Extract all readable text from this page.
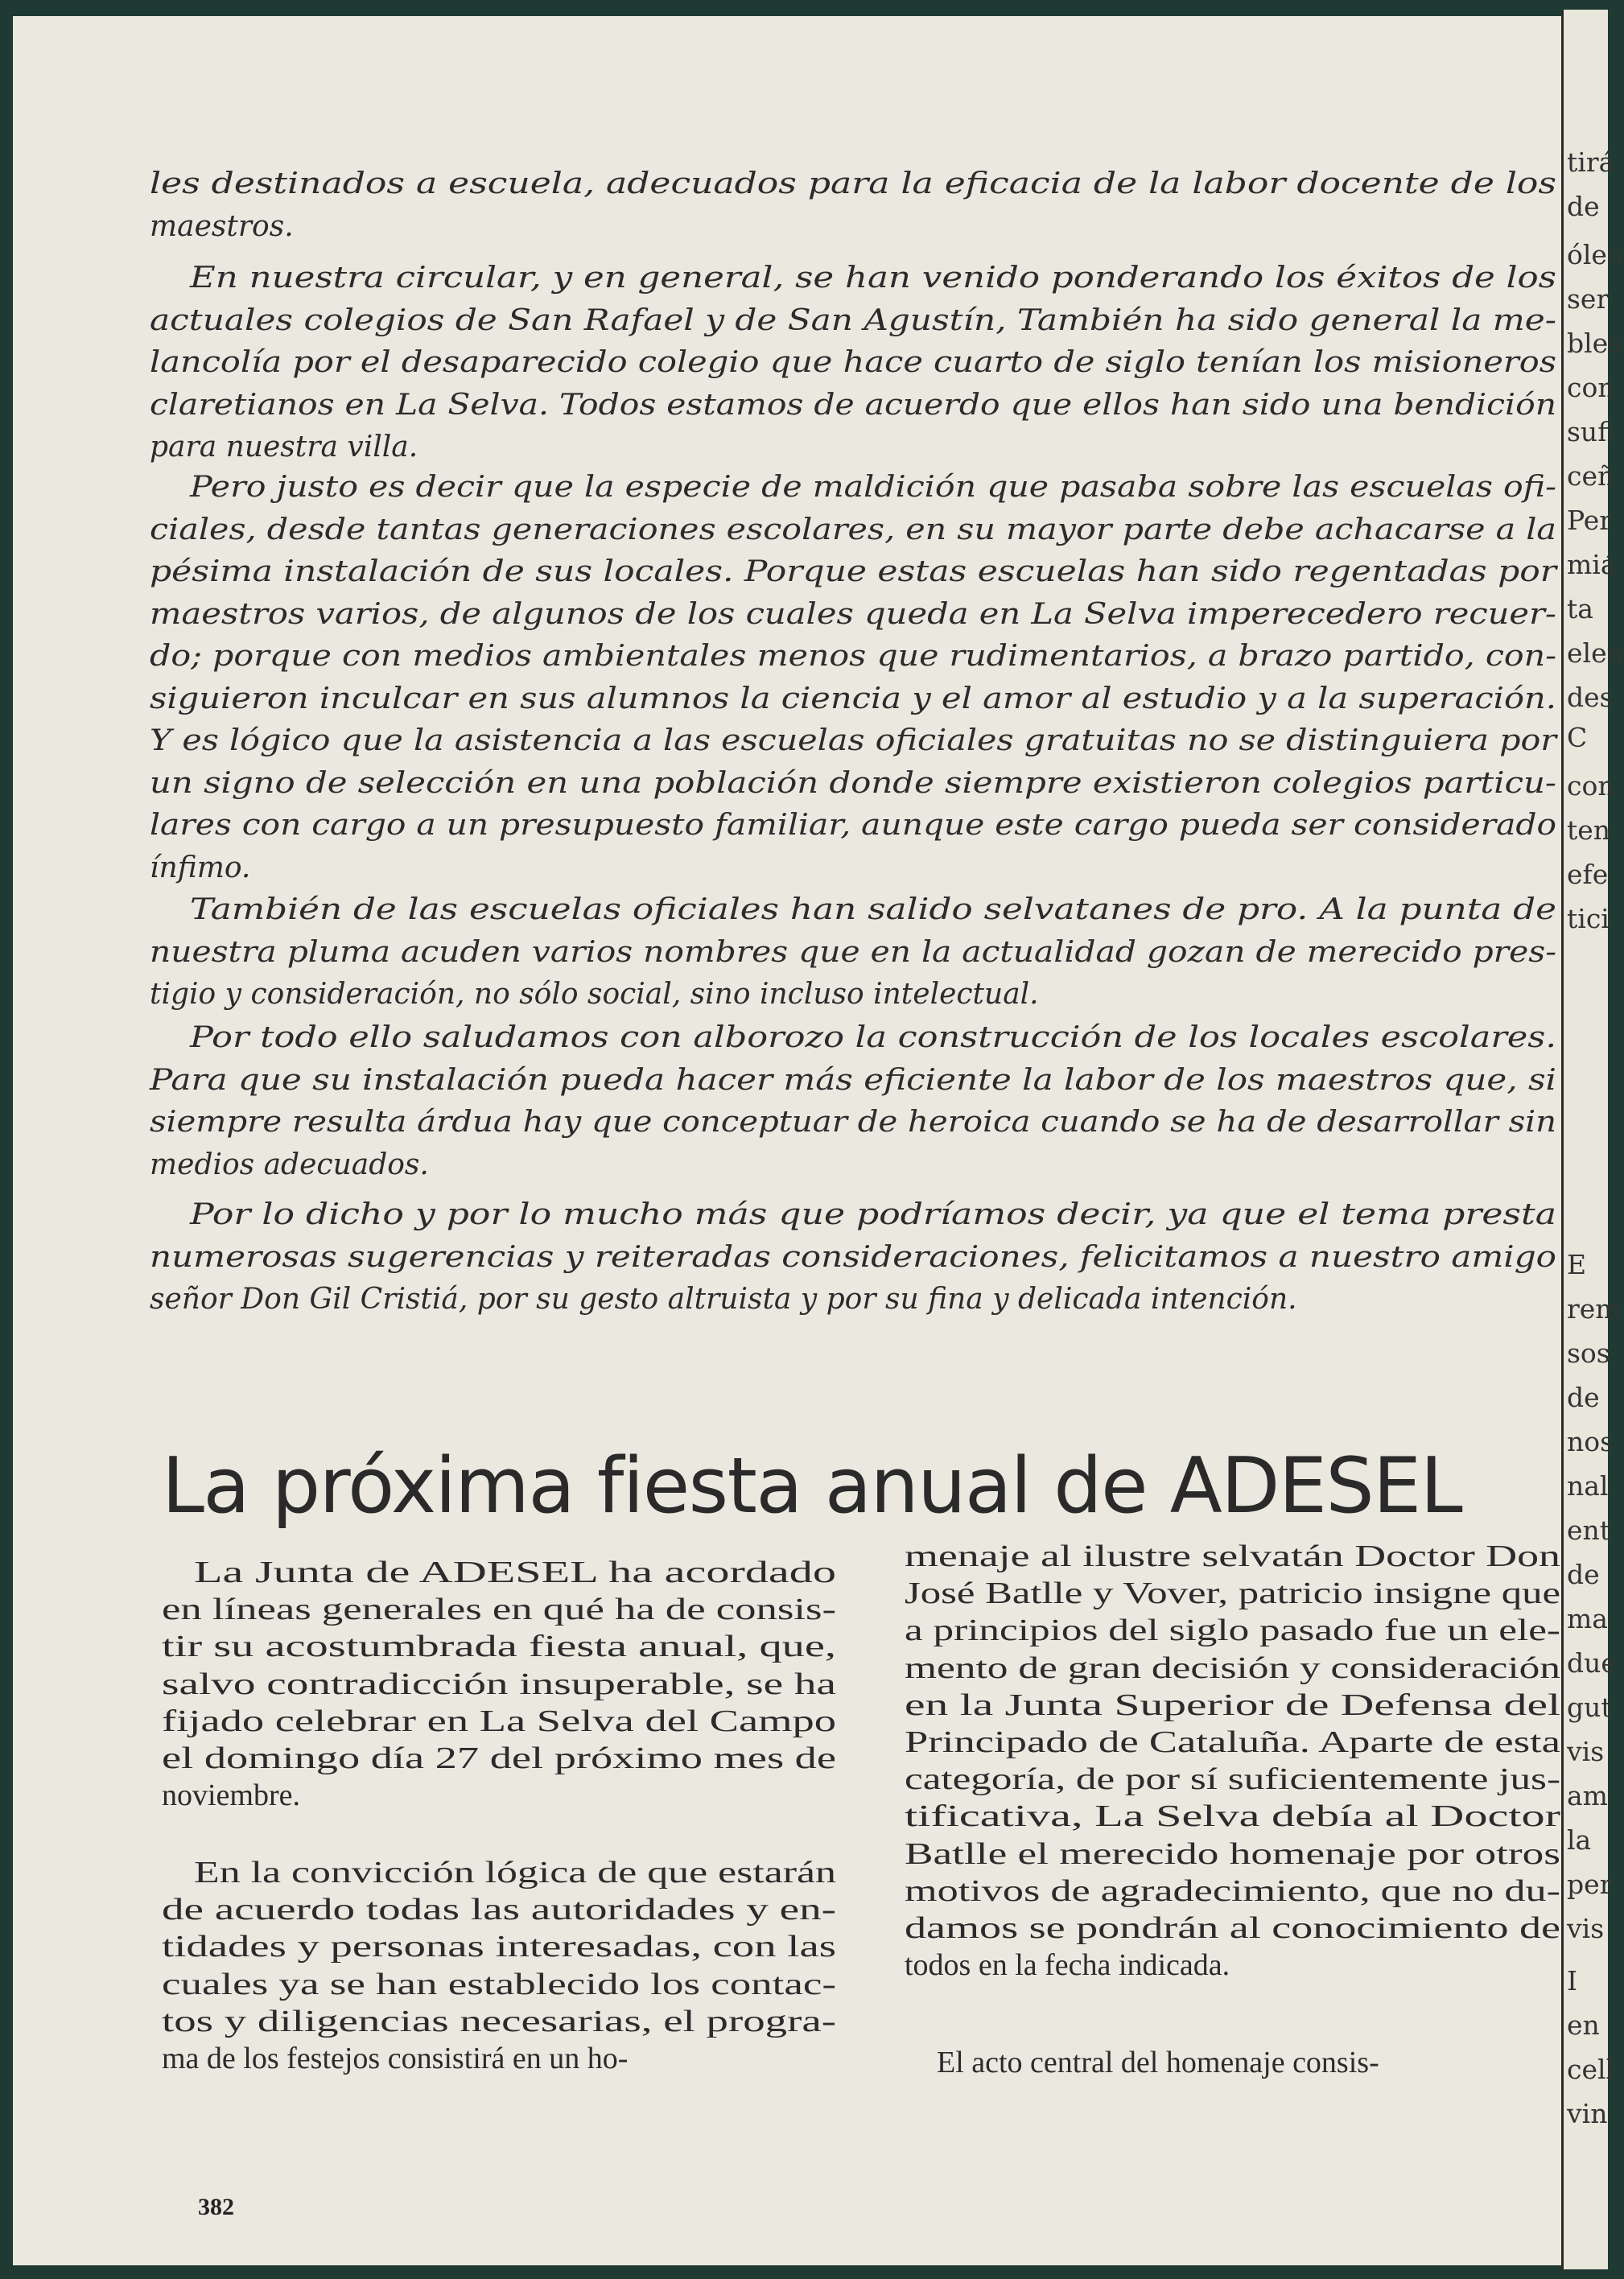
les destinados a escuela, adecuados para la eficacia de la labor docente de los

maestros.

En nuestra circular, y en general, se han venido ponderando los éxitos de los

actuales colegios de San Rafael y de San Agustín, También ha sido general la me-

lancolía por el desaparecido colegio que hace cuarto de siglo tenían los misioneros

claretianos en La Selva. Todos estamos de acuerdo que ellos han sido una bendición

para nuestra villa.

Pero justo es decir que la especie de maldición que pasaba sobre las escuelas ofi-

ciales, desde tantas generaciones escolares, en su mayor parte debe achacarse a la

pésima instalación de sus locales. Porque estas escuelas han sido regentadas por

maestros varios, de algunos de los cuales queda en La Selva imperecedero recuer-

do; porque con medios ambientales menos que rudimentarios, a brazo partido, con-

siguieron inculcar en sus alumnos la ciencia y el amor al estudio y a la superación.

Y es lógico que la asistencia a las escuelas oficiales gratuitas no se distinguiera por

un signo de selección en una población donde siempre existieron colegios particu-

lares con cargo a un presupuesto familiar, aunque este cargo pueda ser considerado

ínfimo.

También de las escuelas oficiales han salido selvatanes de pro. A la punta de

nuestra pluma acuden varios nombres que en la actualidad gozan de merecido pres-

tigio y consideración, no sólo social, sino incluso intelectual.

Por todo ello saludamos con alborozo la construcción de los locales escolares.

Para que su instalación pueda hacer más eficiente la labor de los maestros que, si

siempre resulta árdua hay que conceptuar de heroica cuando se ha de desarrollar sin

medios adecuados.

Por lo dicho y por lo mucho más que podríamos decir, ya que el tema presta

numerosas sugerencias y reiteradas consideraciones, felicitamos a nuestro amigo

señor Don Gil Cristiá, por su gesto altruista y por su fina y delicada intención.

La próxima fiesta anual de ADESEL

La Junta de ADESEL ha acordado

en líneas generales en qué ha de consis-

tir su acostumbrada fiesta anual, que,

salvo contradicción insuperable, se ha

fijado celebrar en La Selva del Campo

el domingo día 27 del próximo mes de

noviembre.

En la convicción lógica de que estarán

de acuerdo todas las autoridades y en-

tidades y personas interesadas, con las

cuales ya se han establecido los contac-

tos y diligencias necesarias, el progra-

ma de los festejos consistirá en un ho-

menaje al ilustre selvatán Doctor Don

José Batlle y Vover, patricio insigne que

a principios del siglo pasado fue un ele-

mento de gran decisión y consideración

en la Junta Superior de Defensa del

Principado de Cataluña. Aparte de esta

categoría, de por sí suficientemente jus-

tificativa, La Selva debía al Doctor

Batlle el merecido homenaje por otros

motivos de agradecimiento, que no du-

damos se pondrán al conocimiento de

todos en la fecha indicada.

El acto central del homenaje consis-

382
tirá
de
óleo
ser
bles
con
sufi
ceñ
Per
miá
ta
elen
des
C
con
ten
efe
tici
E
rem
sos
de
nos
nal
ent
de
ma
due
gut
vis
am
la
per
vis
I
en
cell
vin
